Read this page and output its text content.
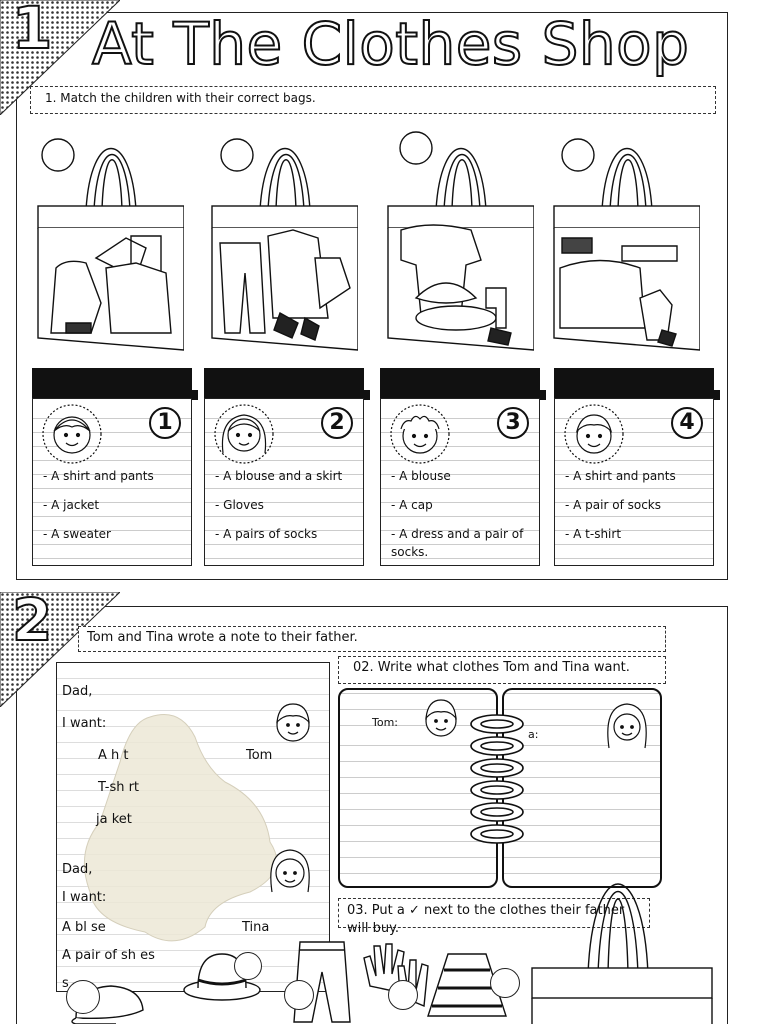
1 At The Clothes Shop
1. Match the children with their correct bags.
1
- A shirt and pants
- A jacket
- A sweater
2
- A blouse and a skirt
- Gloves
- A pairs of socks
3
- A blouse
- A cap
- A dress and a pair of socks.
4
- A shirt and pants
- A pair of socks
- A t-shirt
2	Tom and Tina wrote a note to their father.
02. Write what clothes Tom and Tina want.
Dad,
I want:
A h t	Tom
T-sh rt
ja ket
Dad,
I want:
A bl se	Tina
A pair of sh es
s
Tom:
a:
03. Put a ✓ next to the clothes their father will buy.
